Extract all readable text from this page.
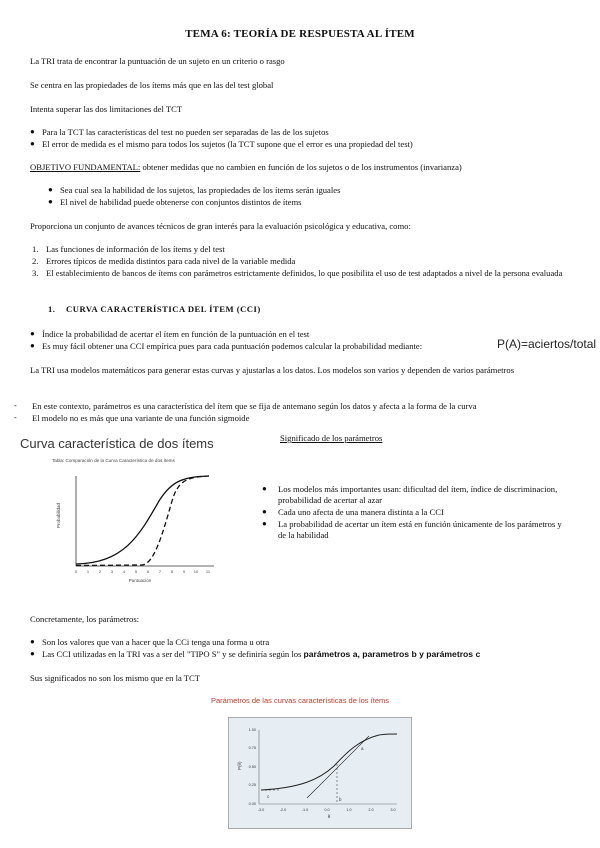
TEMA 6: TEORÍA DE RESPUESTA AL ÍTEM
La TRI trata de encontrar la puntuación de un sujeto en un criterio o rasgo
Se centra en las propiedades de los ítems más que en las del test global
Intenta superar las dos limitaciones del TCT
● Para la TCT las características del test no pueden ser separadas de las de los sujetos
● El error de medida es el mismo para todos los sujetos (la TCT supone que el error es una propiedad del test)
OBJETIVO FUNDAMENTAL: obtener medidas que no cambien en función de los sujetos o de los instrumentos (invarianza)
● Sea cual sea la habilidad de los sujetos, las propiedades de los ítems serán iguales
● El nivel de habilidad puede obtenerse con conjuntos distintos de ítems
Proporciona un conjunto de avances técnicos de gran interés para la evaluación psicológica y educativa, como:
1. Las funciones de información de los ítems y del test
2. Errores típicos de medida distintos para cada nivel de la variable medida
3. El establecimiento de bancos de ítems con parámetros estrictamente definidos, lo que posibilita el uso de test adaptados a nivel de la persona evaluada
1. CURVA CARACTERÍSTICA DEL ÍTEM (CCI)
● Índice la probabilidad de acertar el ítem en función de la puntuación en el test
● Es muy fácil obtener una CCI empírica pues para cada puntuación podemos calcular la probabilidad mediante:	P(A)=aciertos/total
La TRI usa modelos matemáticos para generar estas curvas y ajustarlas a los datos. Los modelos son varios y dependen de varios parámetros
-	En este contexto, parámetros es una característica del ítem que se fija de antemano según los datos y afecta a la forma de la curva
-	El modelo no es más que una variante de una función sigmoide
Curva característica de dos ítems
Tabla: Comparación de la Curva Característica de dos ítems
Probabilidad
Puntuación
0 1 2 3 4 5 6 7 8 9 10 11
Significado de los parámetros
●	Los modelos más importantes usan: dificultad del ítem, índice de discriminacion, probabilidad de acertar al azar
●	Cada uno afecta de una manera distinta a la CCI
●	La probabilidad de acertar un ítem está en función únicamente de los parámetros y de la habilidad
Concretamente, los parámetros:
● Son los valores que van a hacer que la CCi tenga una forma u otra
● Las CCI utilizadas en la TRI vas a ser del "TIPO S" y se definiría según los parámetros a, parametros b y parámetros c
Sus significados no son los mismo que en la TCT
Parámetros de las curvas características de los ítems
c
b
a
P(θ)
θ
0.00
0.25
0.50
0.75
1.00
-3.0	-2.0	-1.0	0.0	1.0	2.0	3.0
